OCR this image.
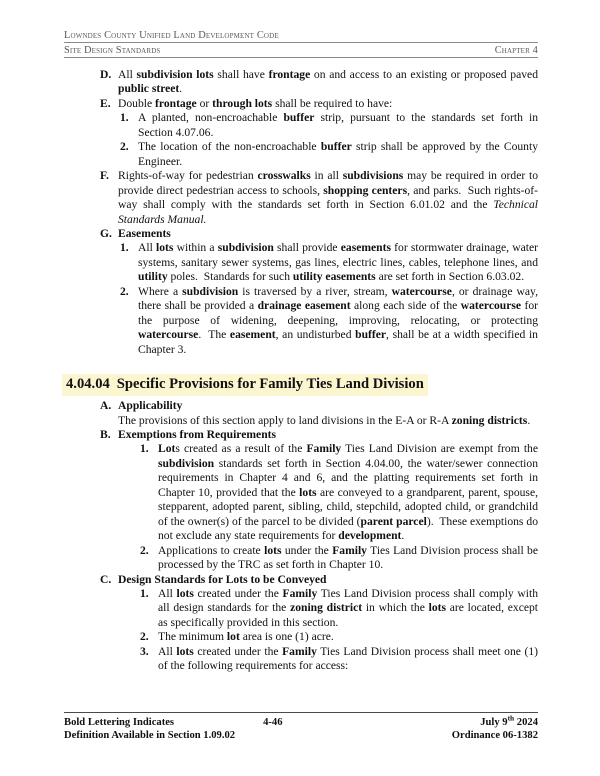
Lowndes County Unified Land Development Code
Site Design Standards	Chapter 4
D. All subdivision lots shall have frontage on and access to an existing or proposed paved public street.
E. Double frontage or through lots shall be required to have:
1. A planted, non-encroachable buffer strip, pursuant to the standards set forth in Section 4.07.06.
2. The location of the non-encroachable buffer strip shall be approved by the County Engineer.
F. Rights-of-way for pedestrian crosswalks in all subdivisions may be required in order to provide direct pedestrian access to schools, shopping centers, and parks.  Such rights-of-way shall comply with the standards set forth in Section 6.01.02 and the Technical Standards Manual.
G. Easements
1. All lots within a subdivision shall provide easements for stormwater drainage, water systems, sanitary sewer systems, gas lines, electric lines, cables, telephone lines, and utility poles.  Standards for such utility easements are set forth in Section 6.03.02.
2. Where a subdivision is traversed by a river, stream, watercourse, or drainage way, there shall be provided a drainage easement along each side of the watercourse for the purpose of widening, deepening, improving, relocating, or protecting watercourse.  The easement, an undisturbed buffer, shall be at a width specified in Chapter 3.
4.04.04 Specific Provisions for Family Ties Land Division
A. Applicability
The provisions of this section apply to land divisions in the E-A or R-A zoning districts.
B. Exemptions from Requirements
1. Lots created as a result of the Family Ties Land Division are exempt from the subdivision standards set forth in Section 4.04.00, the water/sewer connection requirements in Chapter 4 and 6, and the platting requirements set forth in Chapter 10, provided that the lots are conveyed to a grandparent, parent, spouse, stepparent, adopted parent, sibling, child, stepchild, adopted child, or grandchild of the owner(s) of the parcel to be divided (parent parcel).  These exemptions do not exclude any state requirements for development.
2. Applications to create lots under the Family Ties Land Division process shall be processed by the TRC as set forth in Chapter 10.
C. Design Standards for Lots to be Conveyed
1. All lots created under the Family Ties Land Division process shall comply with all design standards for the zoning district in which the lots are located, except as specifically provided in this section.
2. The minimum lot area is one (1) acre.
3. All lots created under the Family Ties Land Division process shall meet one (1) of the following requirements for access:
Bold Lettering Indicates	4-46	July 9th 2024
Definition Available in Section 1.09.02	Ordinance 06-1382
